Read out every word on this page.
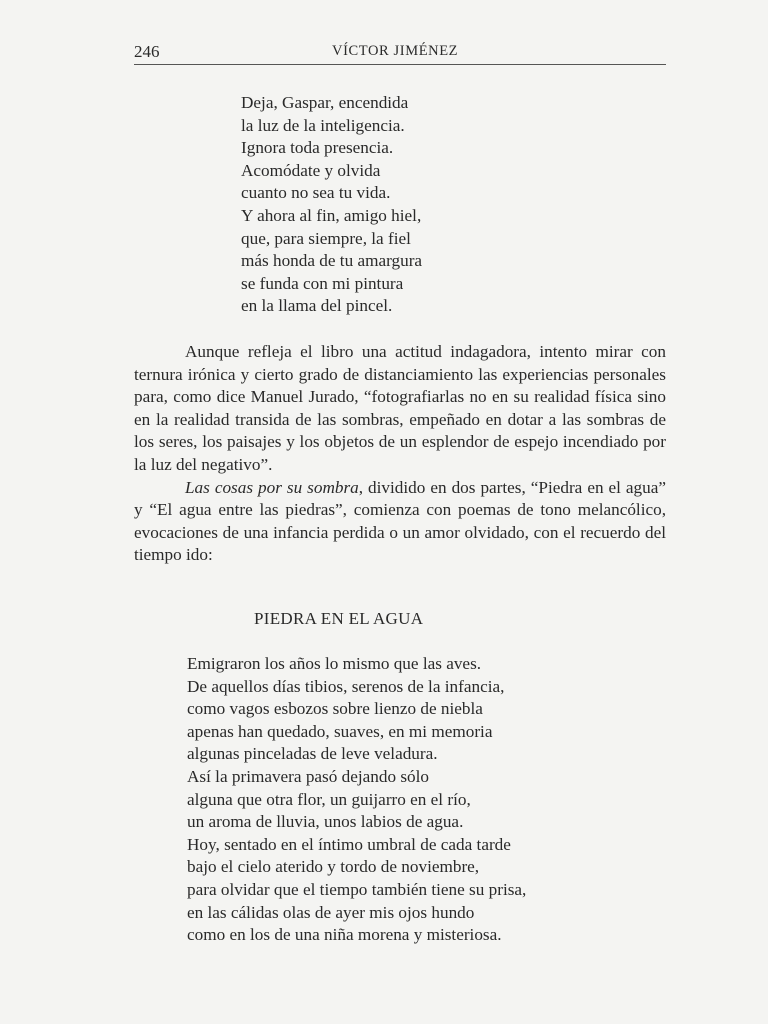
246	VÍCTOR JIMÉNEZ
Deja, Gaspar, encendida
la luz de la inteligencia.
Ignora toda presencia.
Acomódate y olvida
cuanto no sea tu vida.
Y ahora al fin, amigo hiel,
que, para siempre, la fiel
más honda de tu amargura
se funda con mi pintura
en la llama del pincel.

Aunque refleja el libro una actitud indagadora, intento mirar con ternura irónica y cierto grado de distanciamiento las experiencias personales para, como dice Manuel Jurado, “fotografiarlas no en su realidad física sino en la realidad transida de las sombras, empeñado en dotar a las sombras de los seres, los paisajes y los objetos de un esplendor de espejo incendiado por la luz del negativo”.

Las cosas por su sombra, dividido en dos partes, “Piedra en el agua” y “El agua entre las piedras”, comienza con poemas de tono melancólico, evocaciones de una infancia perdida o un amor olvidado, con el recuerdo del tiempo ido:

PIEDRA EN EL AGUA
Emigraron los años lo mismo que las aves.
De aquellos días tibios, serenos de la infancia,
como vagos esbozos sobre lienzo de niebla
apenas han quedado, suaves, en mi memoria
algunas pinceladas de leve veladura.
Así la primavera pasó dejando sólo
alguna que otra flor, un guijarro en el río,
un aroma de lluvia, unos labios de agua.
Hoy, sentado en el íntimo umbral de cada tarde
bajo el cielo aterido y tordo de noviembre,
para olvidar que el tiempo también tiene su prisa,
en las cálidas olas de ayer mis ojos hundo
como en los de una niña morena y misteriosa.
